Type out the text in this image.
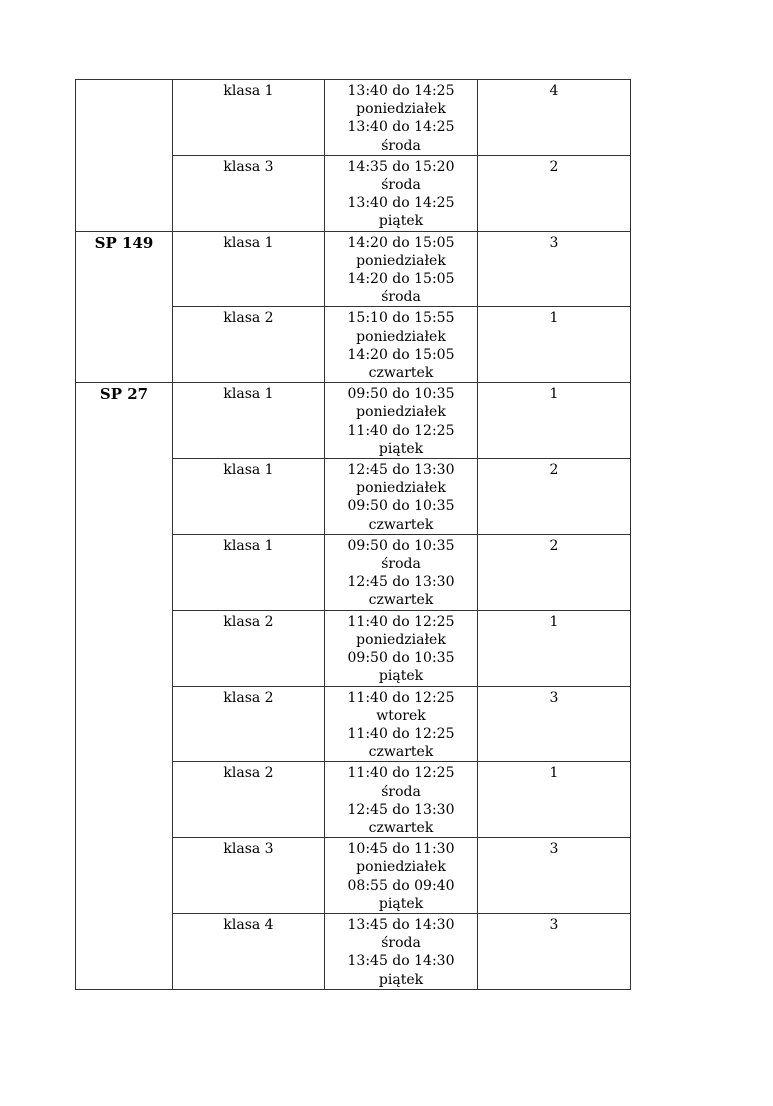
	klasa 1	13:40 do 14:25
poniedziałek
13:40 do 14:25
środa	4
	klasa 3	14:35 do 15:20
środa
13:40 do 14:25
piątek	2
SP 149	klasa 1	14:20 do 15:05
poniedziałek
14:20 do 15:05
środa	3
	klasa 2	15:10 do 15:55
poniedziałek
14:20 do 15:05
czwartek	1
SP 27	klasa 1	09:50 do 10:35
poniedziałek
11:40 do 12:25
piątek	1
	klasa 1	12:45 do 13:30
poniedziałek
09:50 do 10:35
czwartek	2
	klasa 1	09:50 do 10:35
środa
12:45 do 13:30
czwartek	2
	klasa 2	11:40 do 12:25
poniedziałek
09:50 do 10:35
piątek	1
	klasa 2	11:40 do 12:25
wtorek
11:40 do 12:25
czwartek	3
	klasa 2	11:40 do 12:25
środa
12:45 do 13:30
czwartek	1
	klasa 3	10:45 do 11:30
poniedziałek
08:55 do 09:40
piątek	3
	klasa 4	13:45 do 14:30
środa
13:45 do 14:30
piątek	3
